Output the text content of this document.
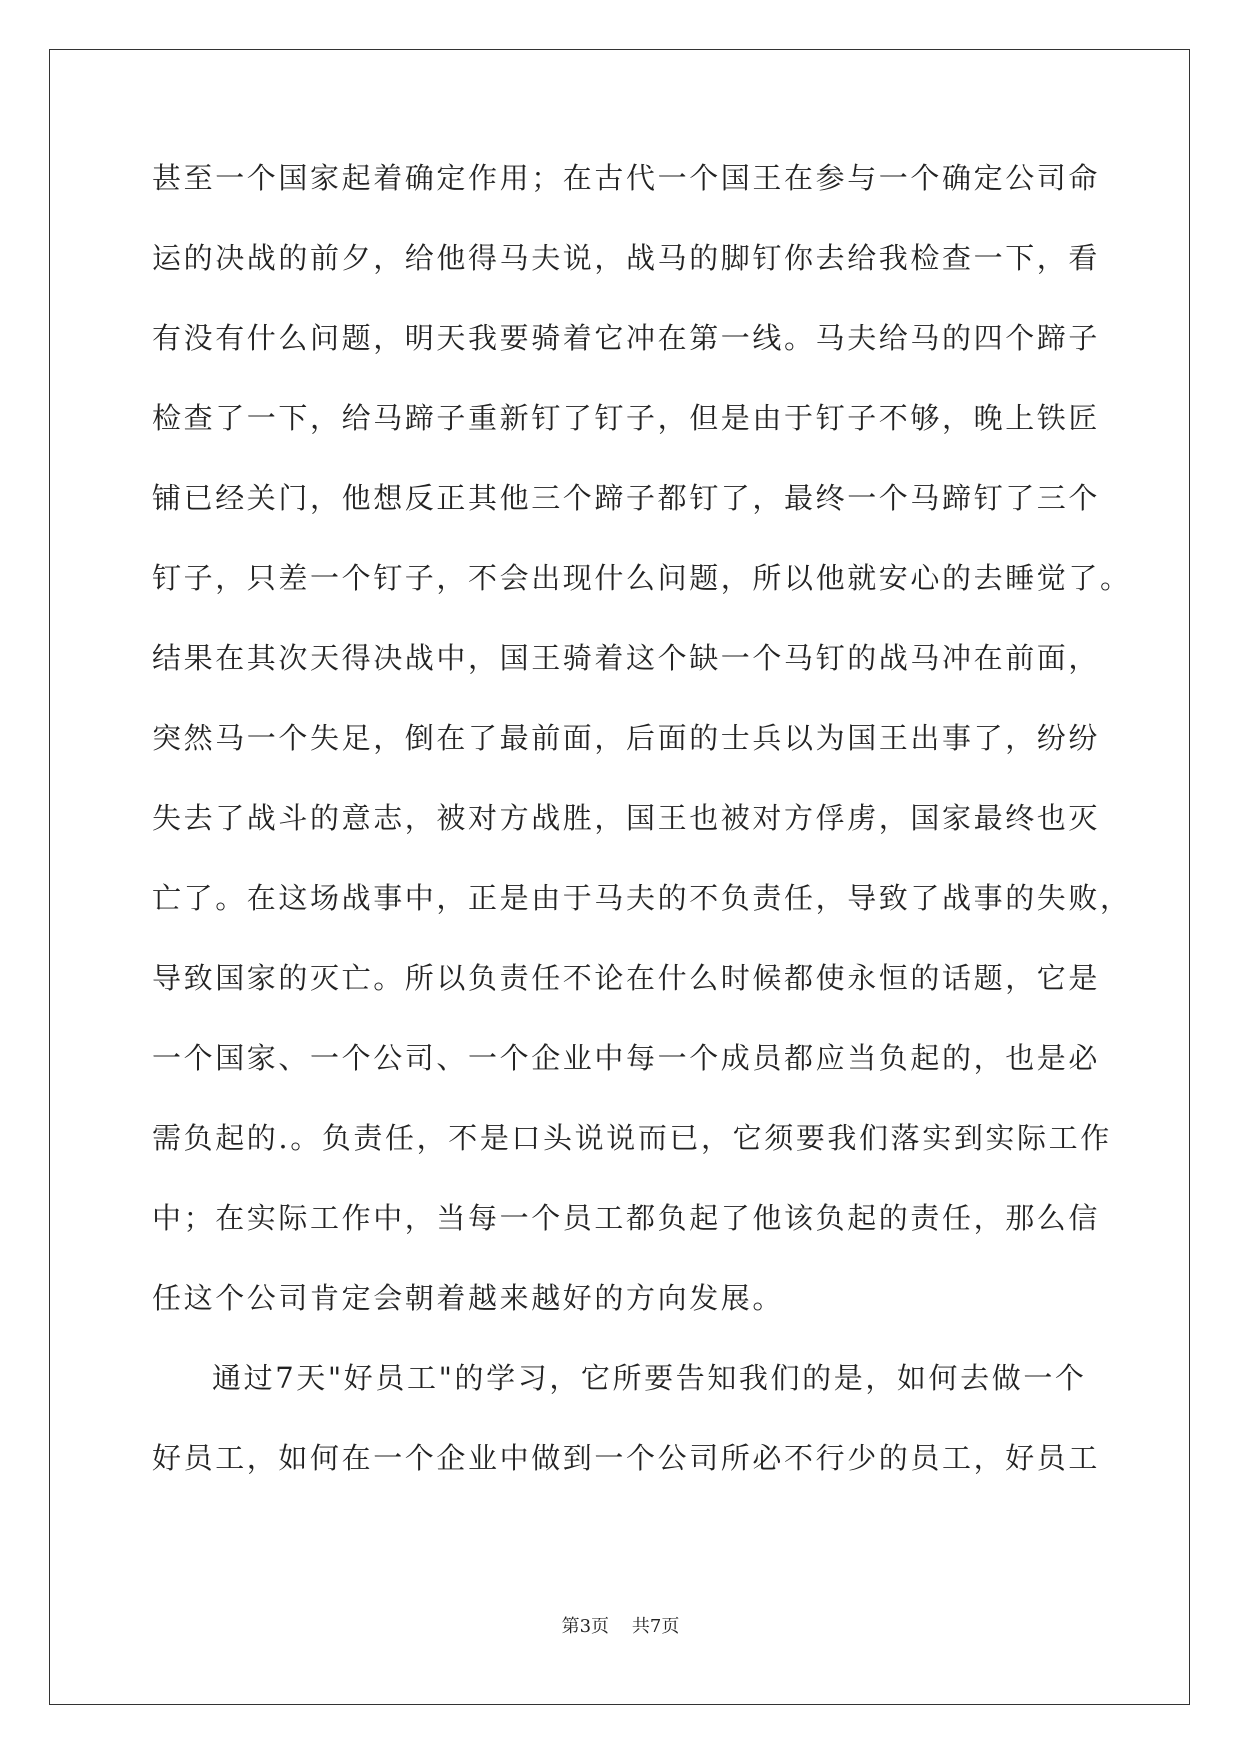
甚至一个国家起着确定作用；在古代一个国王在参与一个确定公司命
运的决战的前夕，给他得马夫说，战马的脚钉你去给我检查一下，看
有没有什么问题，明天我要骑着它冲在第一线。马夫给马的四个蹄子
检查了一下，给马蹄子重新钉了钉子，但是由于钉子不够，晚上铁匠
铺已经关门，他想反正其他三个蹄子都钉了，最终一个马蹄钉了三个
钉子，只差一个钉子，不会出现什么问题，所以他就安心的去睡觉了。
结果在其次天得决战中，国王骑着这个缺一个马钉的战马冲在前面，
突然马一个失足，倒在了最前面，后面的士兵以为国王出事了，纷纷
失去了战斗的意志，被对方战胜，国王也被对方俘虏，国家最终也灭
亡了。在这场战事中，正是由于马夫的不负责任，导致了战事的失败，
导致国家的灭亡。所以负责任不论在什么时候都使永恒的话题，它是
一个国家、一个公司、一个企业中每一个成员都应当负起的，也是必
需负起的.。负责任，不是口头说说而已，它须要我们落实到实际工作
中；在实际工作中，当每一个员工都负起了他该负起的责任，那么信
任这个公司肯定会朝着越来越好的方向发展。
通过7天"好员工"的学习，它所要告知我们的是，如何去做一个
好员工，如何在一个企业中做到一个公司所必不行少的员工，好员工
第3页    共7页
